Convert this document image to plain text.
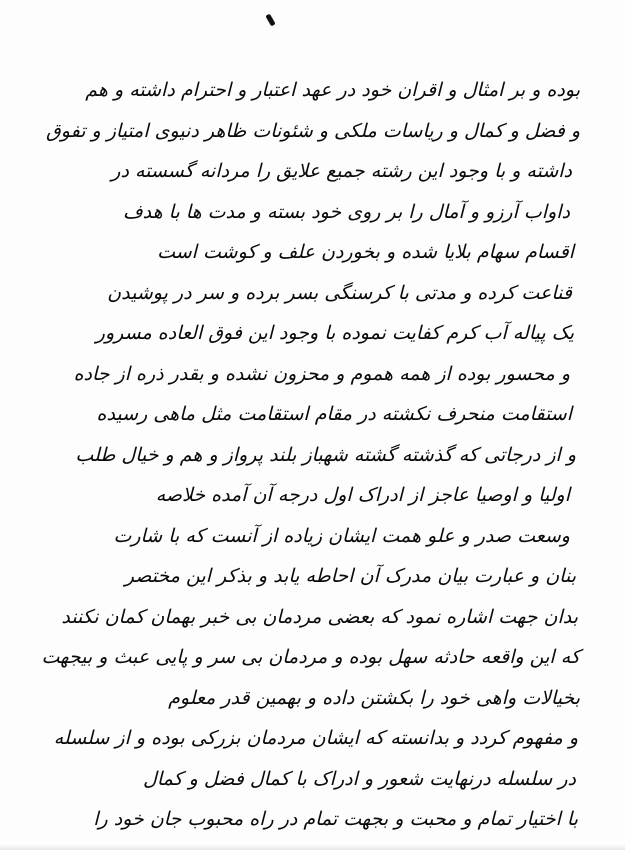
بوده و بر امثال و اقران خود در عهد اعتبار و احترام داشته و هم
و فضل و کمال و ریاسات ملکی و شئونات ظاهر دنیوی امتیاز و تفوق
داشته و با وجود این رشته جمیع علایق را مردانه گسسته در
داواب آرزو و آمال را بر روی خود بسته و مدت ها با هدف
اقسام سهام بلایا شده و بخوردن علف و کوشت است
قناعت کرده و مدتی با کرسنگی بسر برده و سر در پوشیدن
یک پیاله آب کرم کفایت نموده با وجود این فوق العاده مسرور
و محسور بوده از همه هموم و محزون نشده و بقدر ذره از جاده
استقامت منحرف نکشته در مقام استقامت مثل ماهی رسیده
و از درجاتی که گذشته گشته شهباز بلند پرواز و هم و خیال طلب
اولیا و اوصیا عاجز از ادراک اول درجه آن آمده خلاصه
وسعت صدر و علو همت ایشان زیاده از آنست که با شارت
بنان و عبارت بیان مدرک آن احاطه یابد و بذکر این مختصر
بدان جهت اشاره نمود که بعضی مردمان بی خبر بهمان کمان نکنند
که این واقعه حادثه سهل بوده و مردمان بی سر و پایی عبث و بیجهت
بخیالات واهی خود را بکشتن داده و بهمین قدر معلوم
و مفهوم کردد و بدانسته که ایشان مردمان بزرکی بوده و از سلسله
در سلسله درنهایت شعور و ادراک با کمال فضل و کمال
با اختیار تمام و محبت و بجهت تمام در راه محبوب جان خود را
